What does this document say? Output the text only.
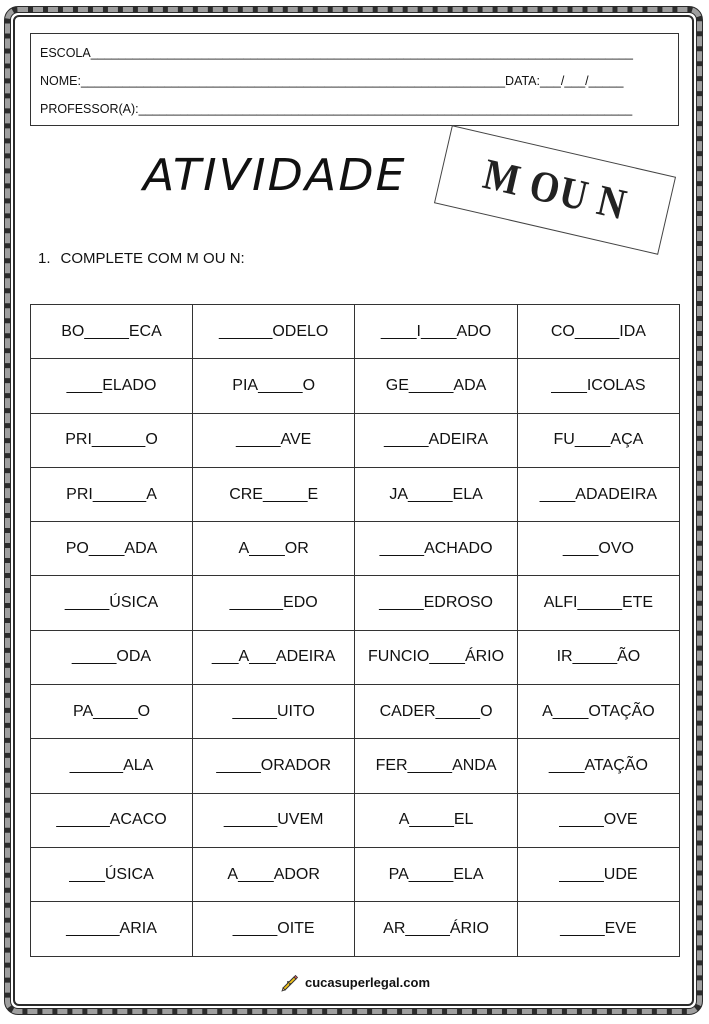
ESCOLA______________________________________________________________________________
NOME:_____________________________________________________________DATA:___/___/_____
PROFESSOR(A):_______________________________________________________________________
ATIVIDADE M OU N
1. COMPLETE COM M OU N:
BO_____ECA	______ODELO	____I____ADO	CO_____IDA
____ELADO	PIA_____O	GE_____ADA	____ICOLAS
PRI______O	_____AVE	_____ADEIRA	FU____AÇA
PRI______A	CRE_____E	JA_____ELA	____ADADEIRA
PO____ADA	A____OR	_____ACHADO	____OVO
_____ÚSICA	______EDO	_____EDROSO	ALFI_____ETE
_____ODA	___A___ADEIRA	FUNCIO____ÁRIO	IR_____ÃO
PA_____O	_____UITO	CADER_____O	A____OTAÇÃO
______ALA	_____ORADOR	FER_____ANDA	____ATAÇÃO
______ACACO	______UVEM	A_____EL	_____OVE
____ÚSICA	A____ADOR	PA_____ELA	_____UDE
______ARIA	_____OITE	AR_____ÁRIO	_____EVE
cucasuperlegal.com
